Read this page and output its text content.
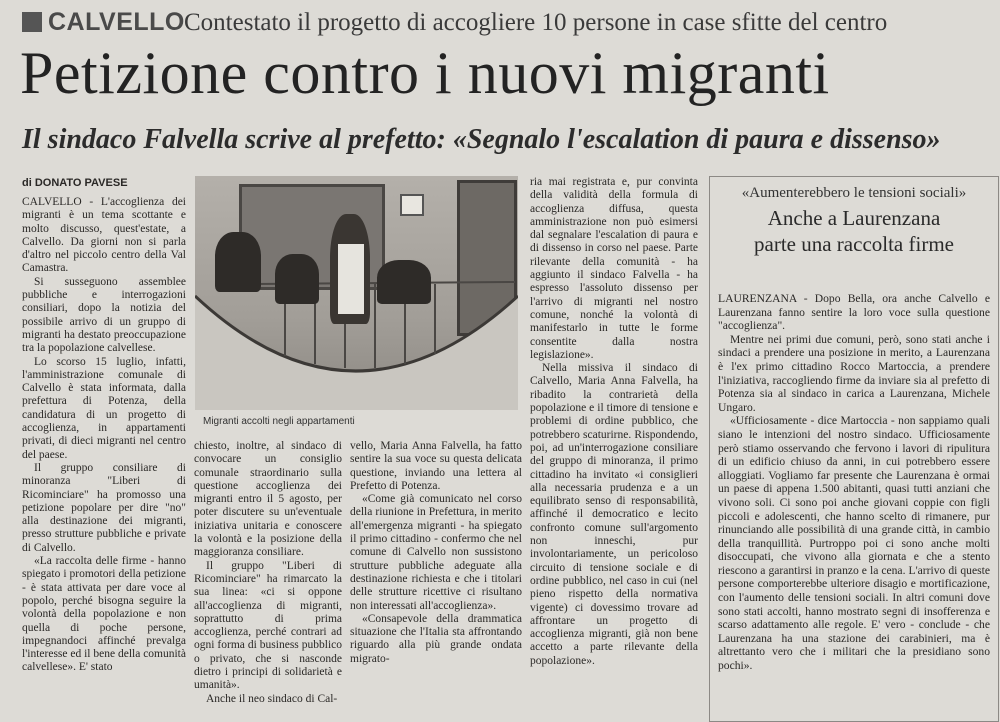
CALVELLO Contestato il progetto di accogliere 10 persone in case sfitte del centro
Petizione contro i nuovi migranti
Il sindaco Falvella scrive al prefetto: «Segnalo l'escalation di paura e dissenso»
di DONATO PAVESE

CALVELLO - L'accoglienza dei migranti è un tema scottante e molto discusso, quest'estate, a Calvello. Da giorni non si parla d'altro nel piccolo centro della Val Camastra.

Si susseguono assemblee pubbliche e interrogazioni consiliari, dopo la notizia del possibile arrivo di un gruppo di migranti ha destato preoccupazione tra la popolazione calvellese.

Lo scorso 15 luglio, infatti, l'amministrazione comunale di Calvello è stata informata, dalla prefettura di Potenza, della candidatura di un progetto di accoglienza, in appartamenti privati, di dieci migranti nel centro del paese.

Il gruppo consiliare di minoranza "Liberi di Ricominciare" ha promosso una petizione popolare per dire "no" alla destinazione dei migranti, presso strutture pubbliche e private di Calvello.

«La raccolta delle firme - hanno spiegato i promotori della petizione - è stata attivata per dare voce al popolo, perché bisogna seguire la volontà della popolazione e non quella di poche persone, impegnandoci affinché prevalga l'interesse ed il bene della comunità calvellese». E' stato

Migranti accolti negli appartamenti

chiesto, inoltre, al sindaco di convocare un consiglio comunale straordinario sulla questione accoglienza dei migranti entro il 5 agosto, per poter discutere su un'eventuale iniziativa unitaria e conoscere la volontà e la posizione della maggioranza consiliare.

Il gruppo "Liberi di Ricominciare" ha rimarcato la sua linea: «ci si oppone all'accoglienza di migranti, soprattutto di prima accoglienza, perché contrari ad ogni forma di business pubblico o privato, che si nasconde dietro i principi di solidarietà e umanità».

Anche il neo sindaco di Cal-

vello, Maria Anna Falvella, ha fatto sentire la sua voce su questa delicata questione, inviando una lettera al Prefetto di Potenza.

«Come già comunicato nel corso della riunione in Prefettura, in merito all'emergenza migranti - ha spiegato il primo cittadino - confermo che nel comune di Calvello non sussistono strutture pubbliche adeguate alla destinazione richiesta e che i titolari delle strutture ricettive ci risultano non interessati all'accoglienza».

«Consapevole della drammatica situazione che l'Italia sta affrontando riguardo alla più grande ondata migrato-

ria mai registrata e, pur convinta della validità della formula di accoglienza diffusa, questa amministrazione non può esimersi dal segnalare l'escalation di paura e di dissenso in corso nel paese. Parte rilevante della comunità - ha aggiunto il sindaco Falvella - ha espresso l'assoluto dissenso per l'arrivo di migranti nel nostro comune, nonché la volontà di manifestarlo in tutte le forme consentite dalla nostra legislazione».

Nella missiva il sindaco di Calvello, Maria Anna Falvella, ha ribadito la contrarietà della popolazione e il timore di tensione e problemi di ordine pubblico, che potrebbero scaturirne. Rispondendo, poi, ad un'interrogazione consiliare del gruppo di minoranza, il primo cittadino ha invitato «i consiglieri alla necessaria prudenza e a un equilibrato senso di responsabilità, affinché il democratico e lecito confronto comune sull'argomento non inneschi, pur involontariamente, un pericoloso circuito di tensione sociale e di ordine pubblico, nel caso in cui (nel pieno rispetto della normativa vigente) ci dovessimo trovare ad affrontare un progetto di accoglienza migranti, già non bene accetto a parte rilevante della popolazione».

«Aumenterebbero le tensioni sociali»
Anche a Laurenzana
parte una raccolta firme

LAURENZANA - Dopo Bella, ora anche Calvello e Laurenzana fanno sentire la loro voce sulla questione "accoglienza".

Mentre nei primi due comuni, però, sono stati anche i sindaci a prendere una posizione in merito, a Laurenzana è l'ex primo cittadino Rocco Martoccia, a prendere l'iniziativa, raccogliendo firme da inviare sia al prefetto di Potenza sia al sindaco in carica a Laurenzana, Michele Ungaro.

«Ufficiosamente - dice Martoccia - non sappiamo quali siano le intenzioni del nostro sindaco. Ufficiosamente però stiamo osservando che fervono i lavori di ripulitura di un edificio chiuso da anni, in cui potrebbero essere alloggiati. Vogliamo far presente che Laurenzana è ormai un paese di appena 1.500 abitanti, quasi tutti anziani che vivono soli. Ci sono poi anche giovani coppie con figli piccoli e adolescenti, che hanno scelto di rimanere, pur rinunciando alle possibilità di una grande città, in cambio della tranquillità. Purtroppo poi ci sono anche molti disoccupati, che vivono alla giornata e che a stento riescono a garantirsi in pranzo e la cena. L'arrivo di queste persone comporterebbe ulteriore disagio e mortificazione, con l'aumento delle tensioni sociali. In altri comuni dove sono stati accolti, hanno mostrato segni di insofferenza e scarso adattamento alle regole. E' vero - conclude - che Laurenzana ha una stazione dei carabinieri, ma è altrettanto vero che i militari che la presidiano sono pochi».
